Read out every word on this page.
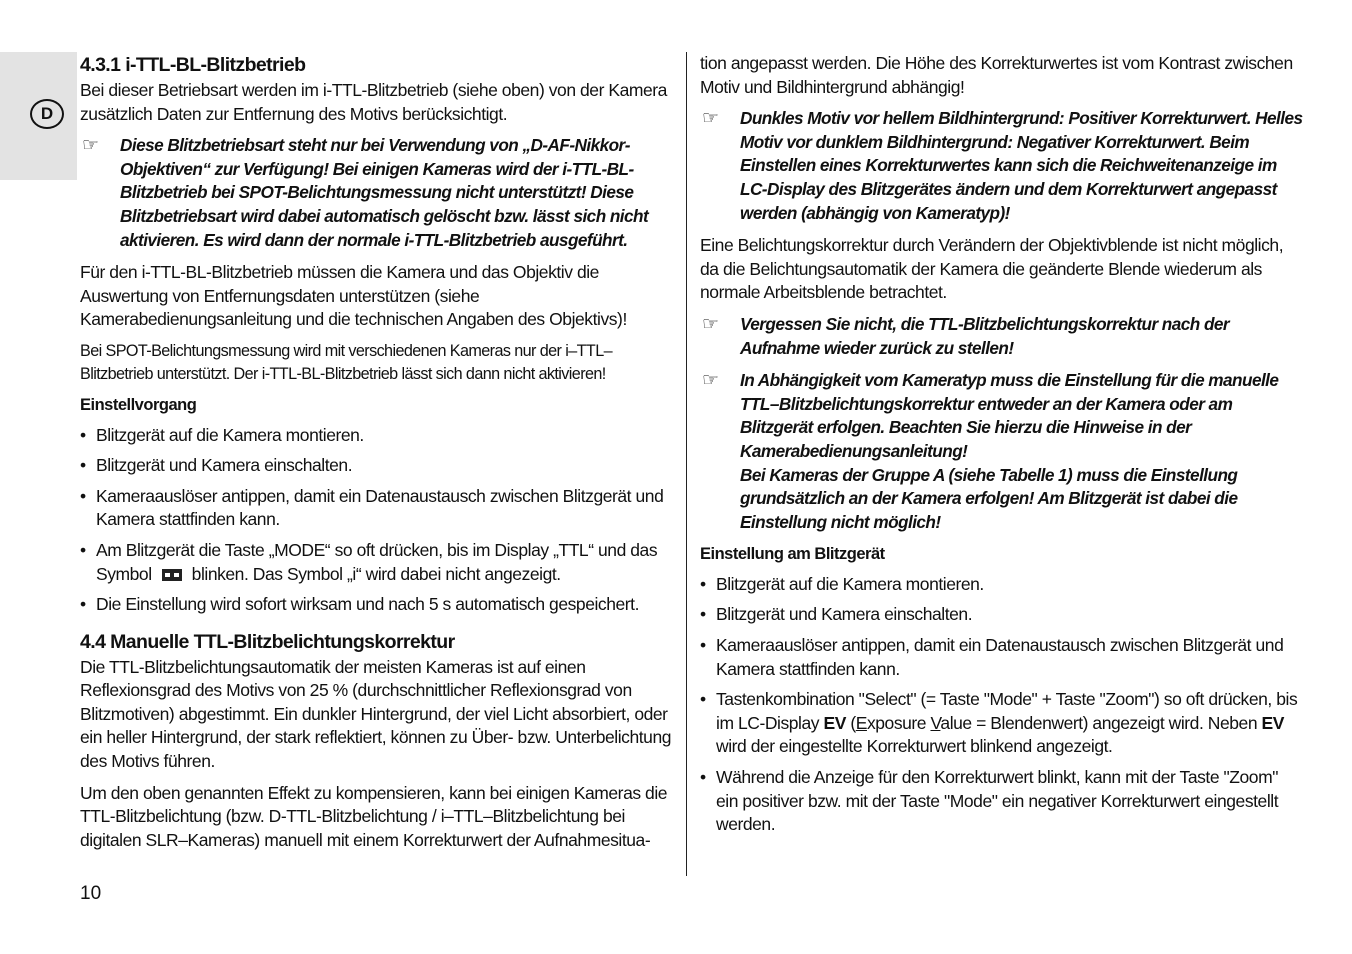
D
4.3.1 i-TTL-BL-Blitzbetrieb

Bei dieser Betriebsart werden im i-TTL-Blitzbetrieb (siehe oben) von der Kamera zusätzlich Daten zur Entfernung des Motivs berücksichtigt.

☞ Diese Blitzbetriebsart steht nur bei Verwendung von „D-AF-Nikkor-Objektiven“ zur Verfügung! Bei einigen Kameras wird der i-TTL-BL-Blitzbetrieb bei SPOT-Belichtungsmessung nicht unterstützt! Diese Blitzbetriebsart wird dabei automatisch gelöscht bzw. lässt sich nicht aktivieren. Es wird dann der normale i-TTL-Blitzbetrieb ausgeführt.

Für den i-TTL-BL-Blitzbetrieb müssen die Kamera und das Objektiv die Auswertung von Entfernungsdaten unterstützen (siehe Kamerabedienungsanleitung und die technischen Angaben des Objektivs)!

Bei SPOT-Belichtungsmessung wird mit verschiedenen Kameras nur der i–TTL–Blitzbetrieb unterstützt. Der i-TTL-BL-Blitzbetrieb lässt sich dann nicht aktivieren!

Einstellvorgang
• Blitzgerät auf die Kamera montieren.
• Blitzgerät und Kamera einschalten.
• Kameraauslöser antippen, damit ein Datenaustausch zwischen Blitzgerät und Kamera stattfinden kann.
• Am Blitzgerät die Taste „MODE“ so oft drücken, bis im Display „TTL“ und das Symbol blinken. Das Symbol „i“ wird dabei nicht angezeigt.
• Die Einstellung wird sofort wirksam und nach 5 s automatisch gespeichert.
4.4 Manuelle TTL-Blitzbelichtungskorrektur

Die TTL-Blitzbelichtungsautomatik der meisten Kameras ist auf einen Reflexionsgrad des Motivs von 25 % (durchschnittlicher Reflexionsgrad von Blitzmotiven) abgestimmt. Ein dunkler Hintergrund, der viel Licht absorbiert, oder ein heller Hintergrund, der stark reflektiert, können zu Über- bzw. Unterbelichtung des Motivs führen.

Um den oben genannten Effekt zu kompensieren, kann bei einigen Kameras die TTL-Blitzbelichtung (bzw. D-TTL-Blitzbelichtung / i–TTL–Blitzbelichtung bei digitalen SLR–Kameras) manuell mit einem Korrekturwert der Aufnahmesitua-

tion angepasst werden. Die Höhe des Korrekturwertes ist vom Kontrast zwischen Motiv und Bildhintergrund abhängig!

☞ Dunkles Motiv vor hellem Bildhintergrund: Positiver Korrekturwert. Helles Motiv vor dunklem Bildhintergrund: Negativer Korrekturwert. Beim Einstellen eines Korrekturwertes kann sich die Reichweitenanzeige im LC-Display des Blitzgerätes ändern und dem Korrekturwert angepasst werden (abhängig von Kameratyp)!

Eine Belichtungskorrektur durch Verändern der Objektivblende ist nicht möglich, da die Belichtungsautomatik der Kamera die geänderte Blende wiederum als normale Arbeitsblende betrachtet.

☞ Vergessen Sie nicht, die TTL-Blitzbelichtungskorrektur nach der Aufnahme wieder zurück zu stellen!
☞ In Abhängigkeit vom Kameratyp muss die Einstellung für die manuelle TTL–Blitzbelichtungskorrektur entweder an der Kamera oder am Blitzgerät erfolgen. Beachten Sie hierzu die Hinweise in der Kamerabedienungsanleitung!
Bei Kameras der Gruppe A (siehe Tabelle 1) muss die Einstellung grundsätzlich an der Kamera erfolgen! Am Blitzgerät ist dabei die Einstellung nicht möglich!
Einstellung am Blitzgerät
• Blitzgerät auf die Kamera montieren.
• Blitzgerät und Kamera einschalten.
• Kameraauslöser antippen, damit ein Datenaustausch zwischen Blitzgerät und Kamera stattfinden kann.
• Tastenkombination "Select" (= Taste "Mode" + Taste "Zoom") so oft drücken, bis im LC-Display EV (Exposure Value = Blendenwert) angezeigt wird. Neben EV wird der eingestellte Korrekturwert blinkend angezeigt.
• Während die Anzeige für den Korrekturwert blinkt, kann mit der Taste "Zoom" ein positiver bzw. mit der Taste "Mode" ein negativer Korrekturwert eingestellt werden.
10
